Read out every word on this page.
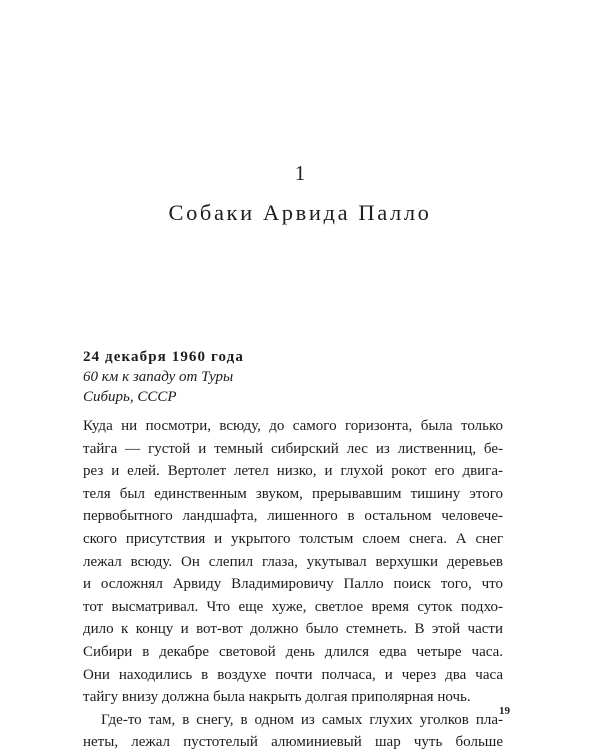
1
Собаки Арвида Палло
24 декабря 1960 года
60 км к западу от Туры
Сибирь, СССР
Куда ни посмотри, всюду, до самого горизонта, была только
тайга — густой и темный сибирский лес из лиственниц, бе-
рез и елей. Вертолет летел низко, и глухой рокот его двига-
теля был единственным звуком, прерывавшим тишину этого
первобытного ландшафта, лишенного в остальном человече-
ского присутствия и укрытого толстым слоем снега. А снег
лежал всюду. Он слепил глаза, укутывал верхушки деревьев
и осложнял Арвиду Владимировичу Палло поиск того, что
тот высматривал. Что еще хуже, светлое время суток подхо-
дило к концу и вот-вот должно было стемнеть. В этой части
Сибири в декабре световой день длился едва четыре часа.
Они находились в воздухе почти полчаса, и через два часа
тайгу внизу должна была накрыть долгая приполярная ночь.
Где-то там, в снегу, в одном из самых глухих уголков пла-
неты, лежал пустотелый алюминиевый шар чуть больше
19
